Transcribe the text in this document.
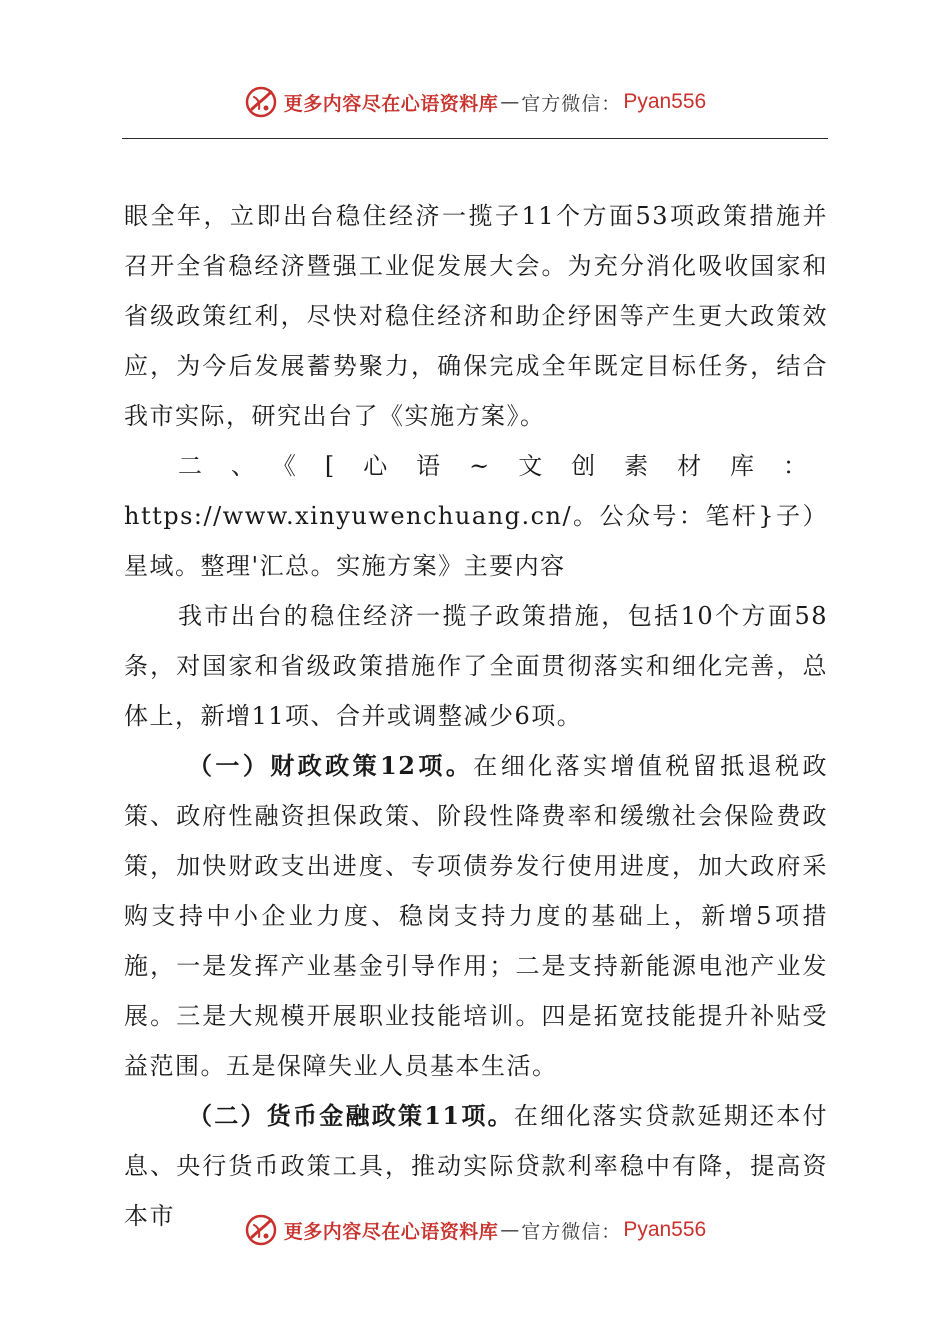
更多内容尽在心语资料库 — 官方微信： Pyan556

眼全年，立即出台稳住经济一揽子11个方面53项政策措施并召开全省稳经济暨强工业促发展大会。为充分消化吸收国家和省级政策红利，尽快对稳住经济和助企纾困等产生更大政策效应，为今后发展蓄势聚力，确保完成全年既定目标任务，结合我市实际，研究出台了《实施方案》。

二、《[心语~文创素材库： https://www.xinyuwenchuang.cn/。公众号：笔杆}子）星域。整理'汇总。实施方案》主要内容

我市出台的稳住经济一揽子政策措施，包括10个方面58条，对国家和省级政策措施作了全面贯彻落实和细化完善，总体上，新增11项、合并或调整减少6项。

（一）财政政策12项。在细化落实增值税留抵退税政策、政府性融资担保政策、阶段性降费率和缓缴社会保险费政策，加快财政支出进度、专项债券发行使用进度，加大政府采购支持中小企业力度、稳岗支持力度的基础上，新增5项措施，一是发挥产业基金引导作用；二是支持新能源电池产业发展。三是大规模开展职业技能培训。四是拓宽技能提升补贴受益范围。五是保障失业人员基本生活。

（二）货币金融政策11项。在细化落实贷款延期还本付息、央行货币政策工具，推动实际贷款利率稳中有降，提高资本市

更多内容尽在心语资料库 — 官方微信： Pyan556
